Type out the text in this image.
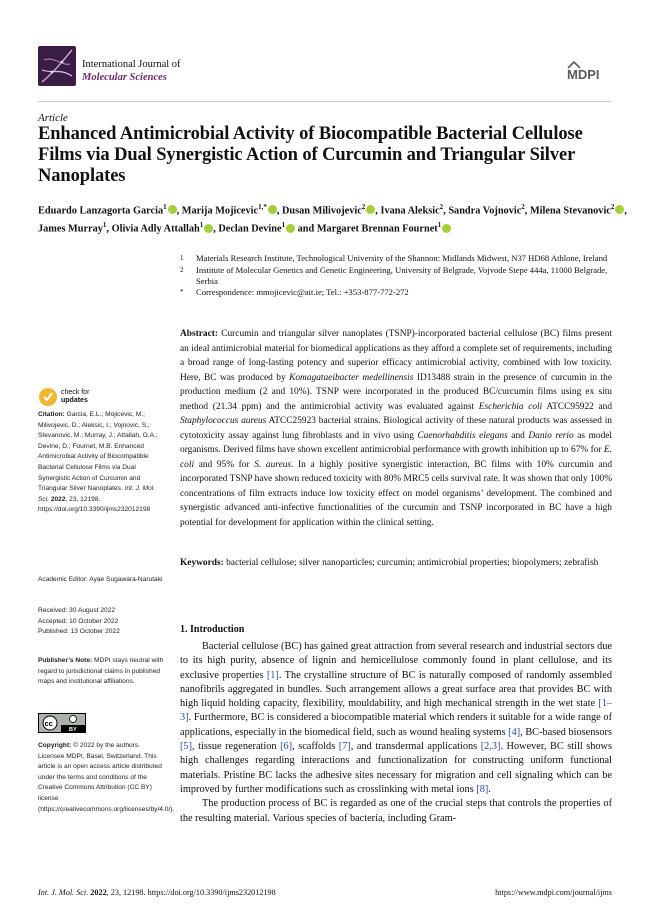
International Journal of
Molecular Sciences	MDPI
Article
Enhanced Antimicrobial Activity of Biocompatible Bacterial Cellulose Films via Dual Synergistic Action of Curcumin and Triangular Silver Nanoplates
Eduardo Lanzagorta Garcia$^1$ , Marija Mojicevic$^{1,*}$ , Dusan Milivojevic$^2$ , Ivana Aleksic$^2$, Sandra Vojnovic$^2$, Milena Stevanovic$^2$ , James Murray$^1$, Olivia Adly Attallah$^1$ , Declan Devine$^1$ and Margaret Brennan Fournet$^1$
1 Materials Research Institute, Technological University of the Shannon: Midlands Midwest, N37 HD68 Athlone, Ireland
2 Institute of Molecular Genetics and Genetic Engineering, University of Belgrade, Vojvode Stepe 444a, 11000 Belgrade, Serbia
* Correspondence: mmojicevic@ait.ie; Tel.: +353-877-772-272
check for
updates
Citation: Garcia, E.L.; Mojicevic, M.; Milivojevic, D.; Aleksic, I.; Vojnovic, S.; Stevanovic, M.; Murray, J.; Attallah, O.A.; Devine, D.; Fournet, M.B. Enhanced Antimicrobial Activity of Biocompatible Bacterial Cellulose Films via Dual Synergistic Action of Curcumin and Triangular Silver Nanoplates. Int. J. Mol. Sci. 2022, 23, 12198. https://doi.org/10.3390/ijms232012198
Academic Editor: Ayae Sugawara-Narutaki
Received: 30 August 2022
Accepted: 10 October 2022
Published: 13 October 2022
Publisher’s Note: MDPI stays neutral with regard to jurisdictional claims in published maps and institutional affiliations.
cc
BY
Copyright: © 2022 by the authors. Licensee MDPI, Basel, Switzerland. This article is an open access article distributed under the terms and conditions of the Creative Commons Attribution (CC BY) license (https://creativecommons.org/licenses/by/4.0/).
Abstract: Curcumin and triangular silver nanoplates (TSNP)-incorporated bacterial cellulose (BC) films present an ideal antimicrobial material for biomedical applications as they afford a complete set of requirements, including a broad range of long-lasting potency and superior efficacy antimicrobial activity, combined with low toxicity. Here, BC was produced by Komagataeibacter medellinensis ID13488 strain in the presence of curcumin in the production medium (2 and 10%). TSNP were incorporated in the produced BC/curcumin films using ex situ method (21.34 ppm) and the antimicrobial activity was evaluated against Escherichia coli ATCC95922 and Staphylococcus aureus ATCC25923 bacterial strains. Biological activity of these natural products was assessed in cytotoxicity assay against lung fibroblasts and in vivo using Caenorhabditis elegans and Danio rerio as model organisms. Derived films have shown excellent antimicrobial performance with growth inhibition up to 67% for E. coli and 95% for S. aureus. In a highly positive synergistic interaction, BC films with 10% curcumin and incorporated TSNP have shown reduced toxicity with 80% MRC5 cells survival rate. It was shown that only 100% concentrations of film extracts induce low toxicity effect on model organisms’ development. The combined and synergistic advanced anti-infective functionalities of the curcumin and TSNP incorporated in BC have a high potential for development for application within the clinical setting.
Keywords: bacterial cellulose; silver nanoparticles; curcumin; antimicrobial properties; biopolymers; zebrafish
1. Introduction

Bacterial cellulose (BC) has gained great attraction from several research and industrial sectors due to its high purity, absence of lignin and hemicellulose commonly found in plant cellulose, and its exclusive properties [1]. The crystalline structure of BC is naturally composed of randomly assembled nanofibrils aggregated in bundles. Such arrangement allows a great surface area that provides BC with high liquid holding capacity, flexibility, mouldability, and high mechanical strength in the wet state [1–3]. Furthermore, BC is considered a biocompatible material which renders it suitable for a wide range of applications, especially in the biomedical field, such as wound healing systems [4], BC-based biosensors [5], tissue regeneration [6], scaffolds [7], and transdermal applications [2,3]. However, BC still shows high challenges regarding interactions and functionalization for constructing uniform functional materials. Pristine BC lacks the adhesive sites necessary for migration and cell signaling which can be improved by further modifications such as crosslinking with metal ions [8].

The production process of BC is regarded as one of the crucial steps that controls the properties of the resulting material. Various species of bacteria, including Gram-

Int. J. Mol. Sci. 2022, 23, 12198. https://doi.org/10.3390/ijms232012198	https://www.mdpi.com/journal/ijms
